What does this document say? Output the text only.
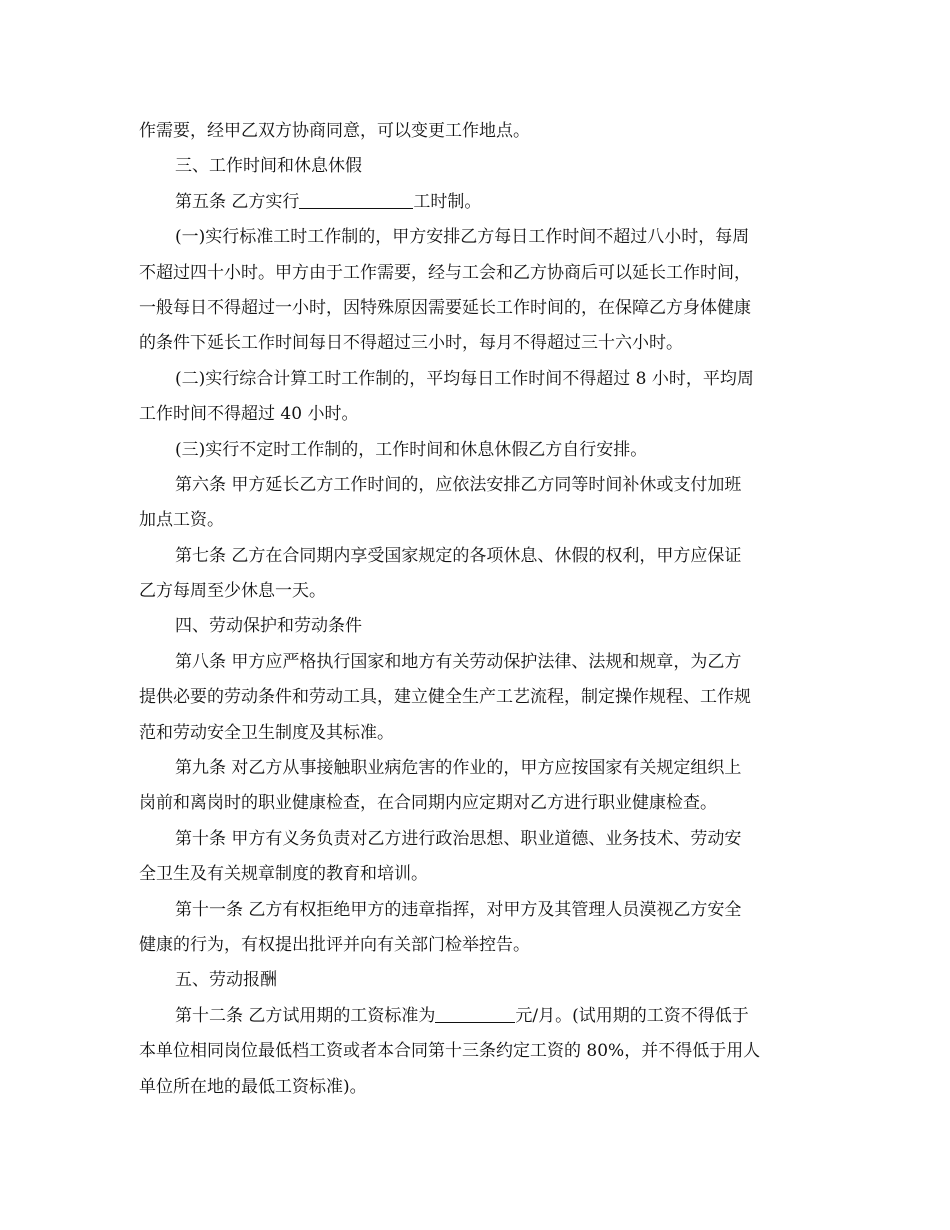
作需要，经甲乙双方协商同意，可以变更工作地点。
三、工作时间和休息休假
第五条 乙方实行	工时制。
(一)实行标准工时工作制的，甲方安排乙方每日工作时间不超过八小时，每周
不超过四十小时。甲方由于工作需要，经与工会和乙方协商后可以延长工作时间，
一般每日不得超过一小时，因特殊原因需要延长工作时间的，在保障乙方身体健康
的条件下延长工作时间每日不得超过三小时，每月不得超过三十六小时。
(二)实行综合计算工时工作制的，平均每日工作时间不得超过 8 小时，平均周
工作时间不得超过 40 小时。
(三)实行不定时工作制的，工作时间和休息休假乙方自行安排。
第六条 甲方延长乙方工作时间的，应依法安排乙方同等时间补休或支付加班
加点工资。
第七条 乙方在合同期内享受国家规定的各项休息、休假的权利，甲方应保证
乙方每周至少休息一天。
四、劳动保护和劳动条件
第八条 甲方应严格执行国家和地方有关劳动保护法律、法规和规章，为乙方
提供必要的劳动条件和劳动工具，建立健全生产工艺流程，制定操作规程、工作规
范和劳动安全卫生制度及其标准。
第九条 对乙方从事接触职业病危害的作业的，甲方应按国家有关规定组织上
岗前和离岗时的职业健康检查，在合同期内应定期对乙方进行职业健康检查。
第十条 甲方有义务负责对乙方进行政治思想、职业道德、业务技术、劳动安
全卫生及有关规章制度的教育和培训。
第十一条 乙方有权拒绝甲方的违章指挥，对甲方及其管理人员漠视乙方安全
健康的行为，有权提出批评并向有关部门检举控告。
五、劳动报酬
第十二条 乙方试用期的工资标准为	元/月。(试用期的工资不得低于
本单位相同岗位最低档工资或者本合同第十三条约定工资的 80%，并不得低于用人
单位所在地的最低工资标准)。
